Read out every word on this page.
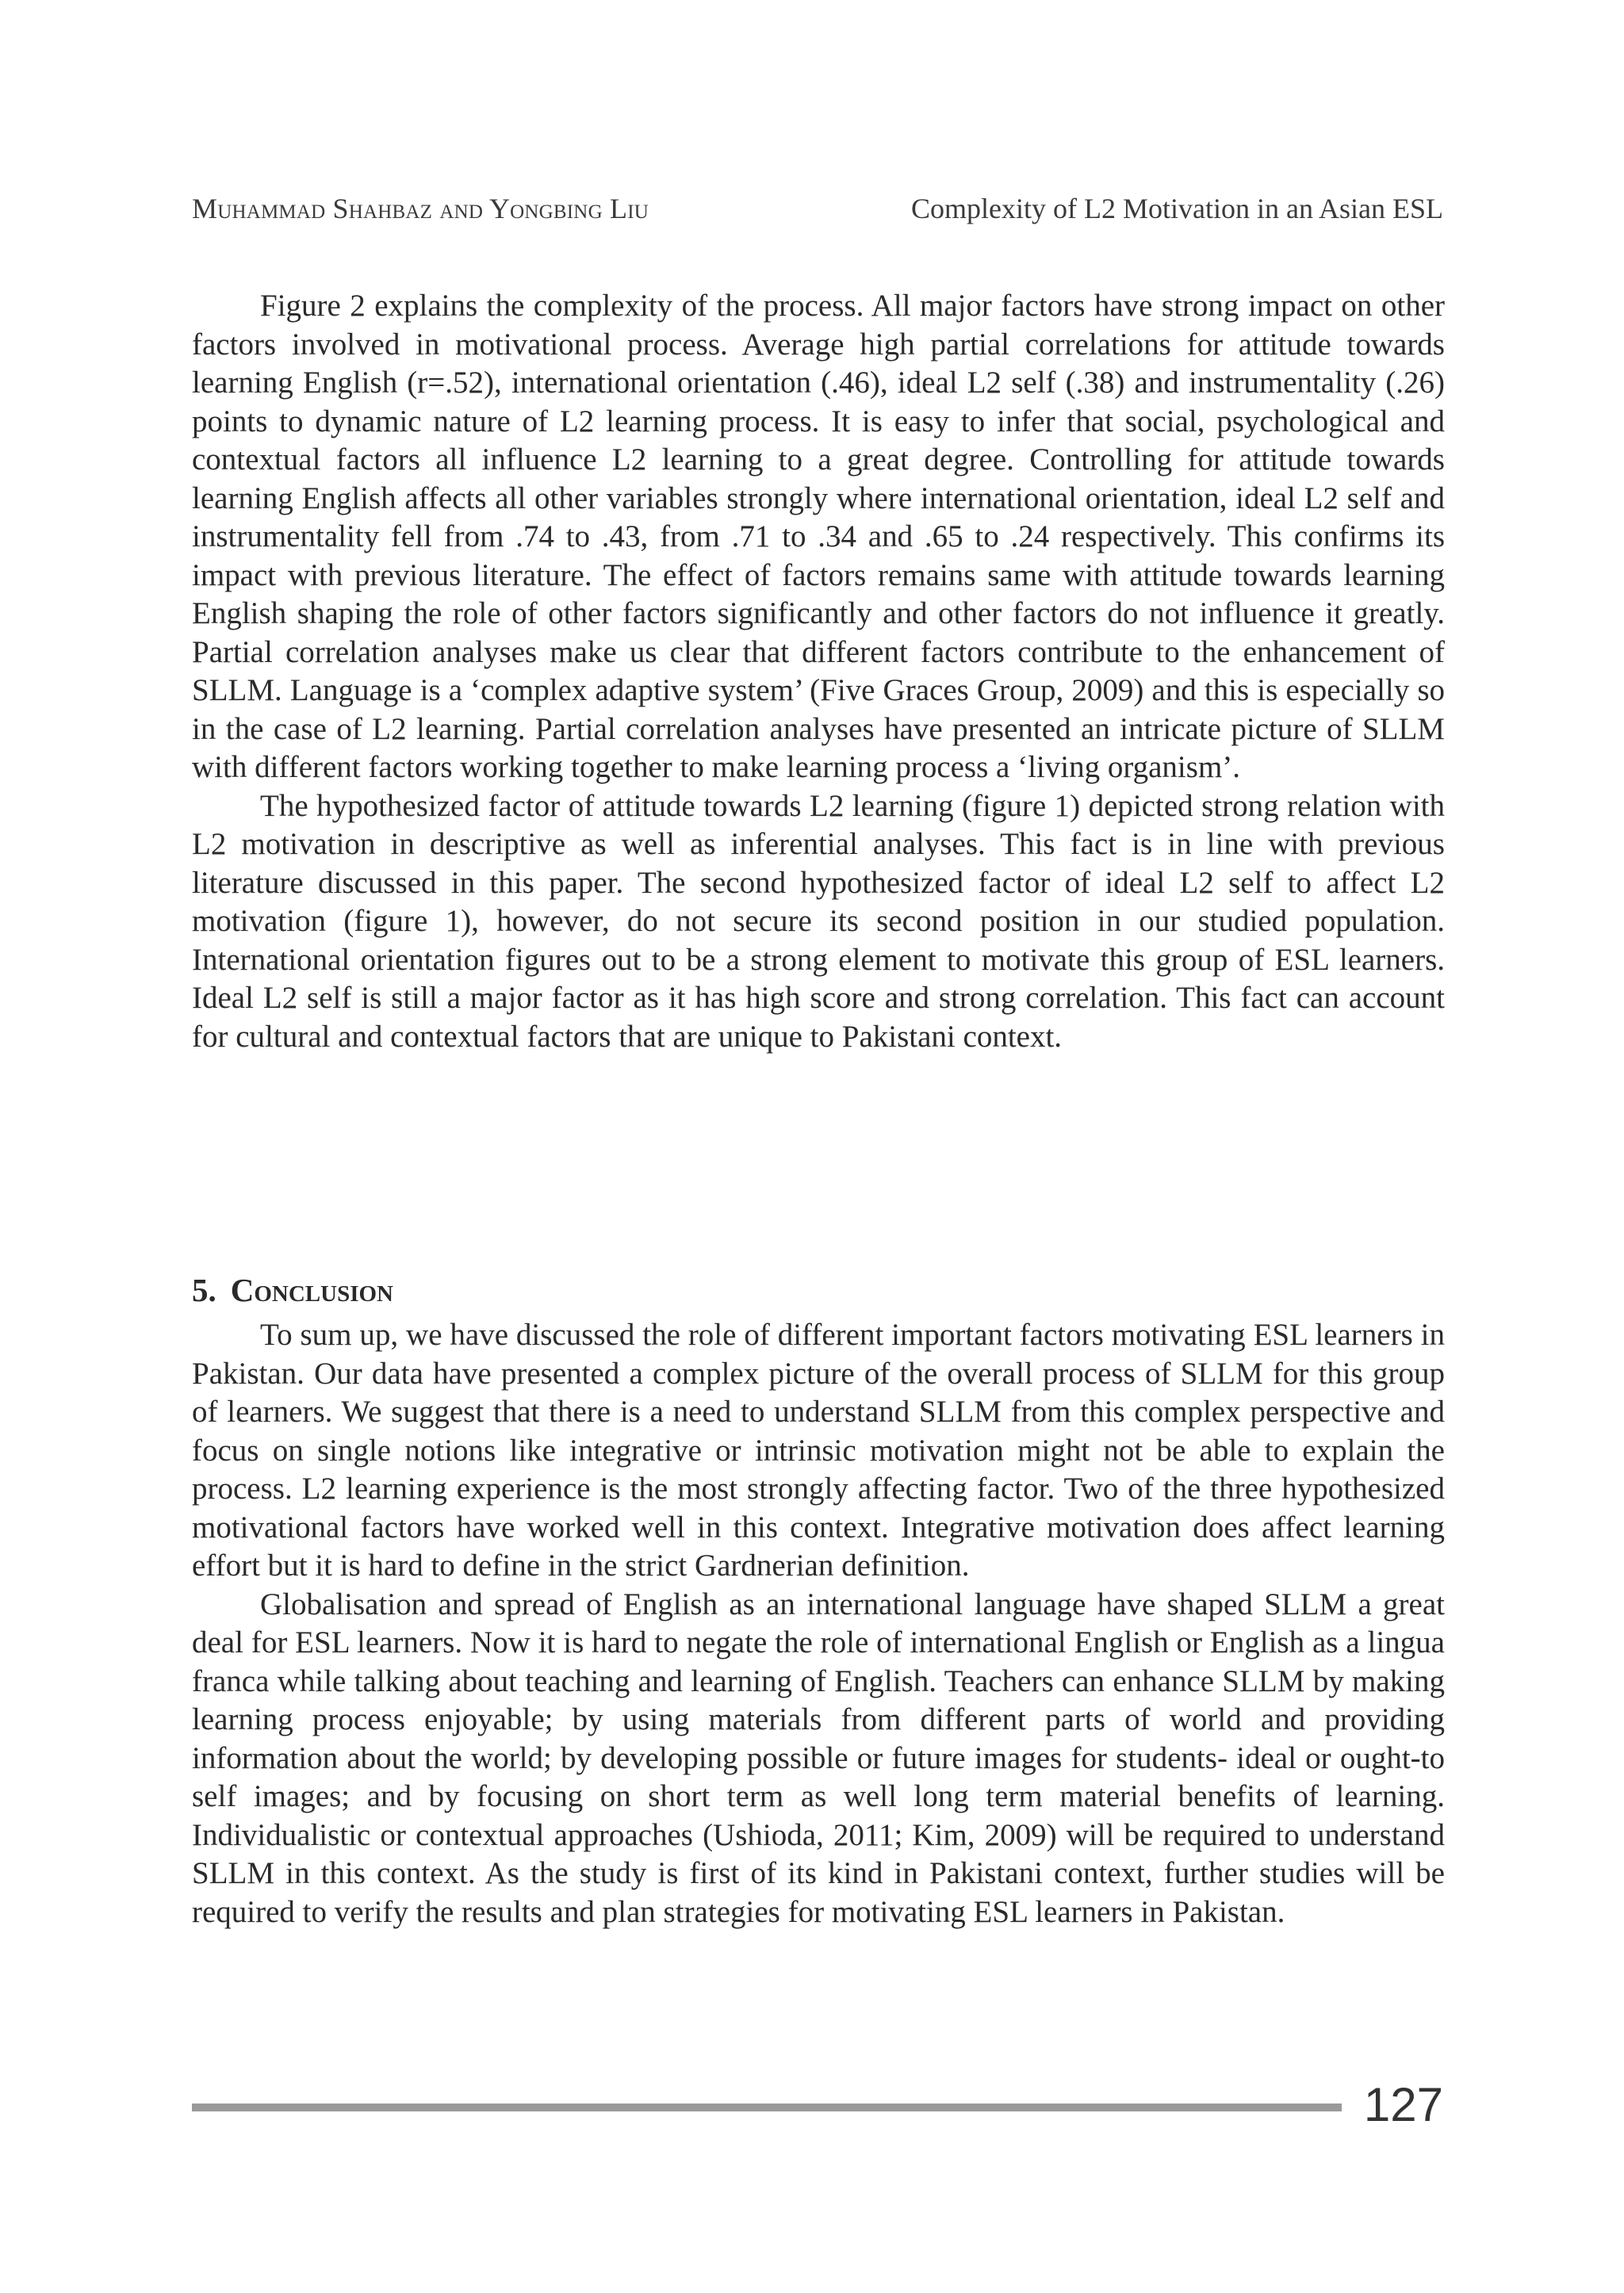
Muhammad Shahbaz and Yongbing Liu	Complexity of L2 Motivation in an Asian ESL

Figure 2 explains the complexity of the process. All major factors have strong impact on other factors involved in motivational process. Average high partial correlations for attitude towards learning English (r=.52), international orientation (.46), ideal L2 self (.38) and instrumentality (.26) points to dynamic nature of L2 learning process. It is easy to infer that social, psychological and contextual factors all influence L2 learning to a great degree. Controlling for attitude towards learning English affects all other variables strongly where international orientation, ideal L2 self and instrumentality fell from .74 to .43, from .71 to .34 and .65 to .24 respectively. This confirms its impact with previous literature. The effect of factors remains same with attitude towards learning English shaping the role of other factors significantly and other factors do not influence it greatly. Partial correlation analyses make us clear that different factors contribute to the enhancement of SLLM. Language is a ‘complex adaptive system’ (Five Graces Group, 2009) and this is especially so in the case of L2 learning. Partial correlation analyses have presented an intricate picture of SLLM with different factors working together to make learning process a ‘living organism’.

The hypothesized factor of attitude towards L2 learning (figure 1) depicted strong relation with L2 motivation in descriptive as well as inferential analyses. This fact is in line with previous literature discussed in this paper. The second hypothesized factor of ideal L2 self to affect L2 motivation (figure 1), however, do not secure its second position in our studied population. International orientation figures out to be a strong element to motivate this group of ESL learners. Ideal L2 self is still a major factor as it has high score and strong correlation. This fact can account for cultural and contextual factors that are unique to Pakistani context.

5. Conclusion

To sum up, we have discussed the role of different important factors motivating ESL learners in Pakistan. Our data have presented a complex picture of the overall process of SLLM for this group of learners. We suggest that there is a need to understand SLLM from this complex perspective and focus on single notions like integrative or intrinsic motivation might not be able to explain the process. L2 learning experience is the most strongly affecting factor. Two of the three hypothesized motivational factors have worked well in this context. Integrative motivation does affect learning effort but it is hard to define in the strict Gardnerian definition.

Globalisation and spread of English as an international language have shaped SLLM a great deal for ESL learners. Now it is hard to negate the role of international English or English as a lingua franca while talking about teaching and learning of English. Teachers can enhance SLLM by making learning process enjoyable; by using materials from different parts of world and providing information about the world; by developing possible or future images for students- ideal or ought-to self images; and by focusing on short term as well long term material benefits of learning. Individualistic or contextual approaches (Ushioda, 2011; Kim, 2009) will be required to understand SLLM in this context. As the study is first of its kind in Pakistani context, further studies will be required to verify the results and plan strategies for motivating ESL learners in Pakistan.

127
